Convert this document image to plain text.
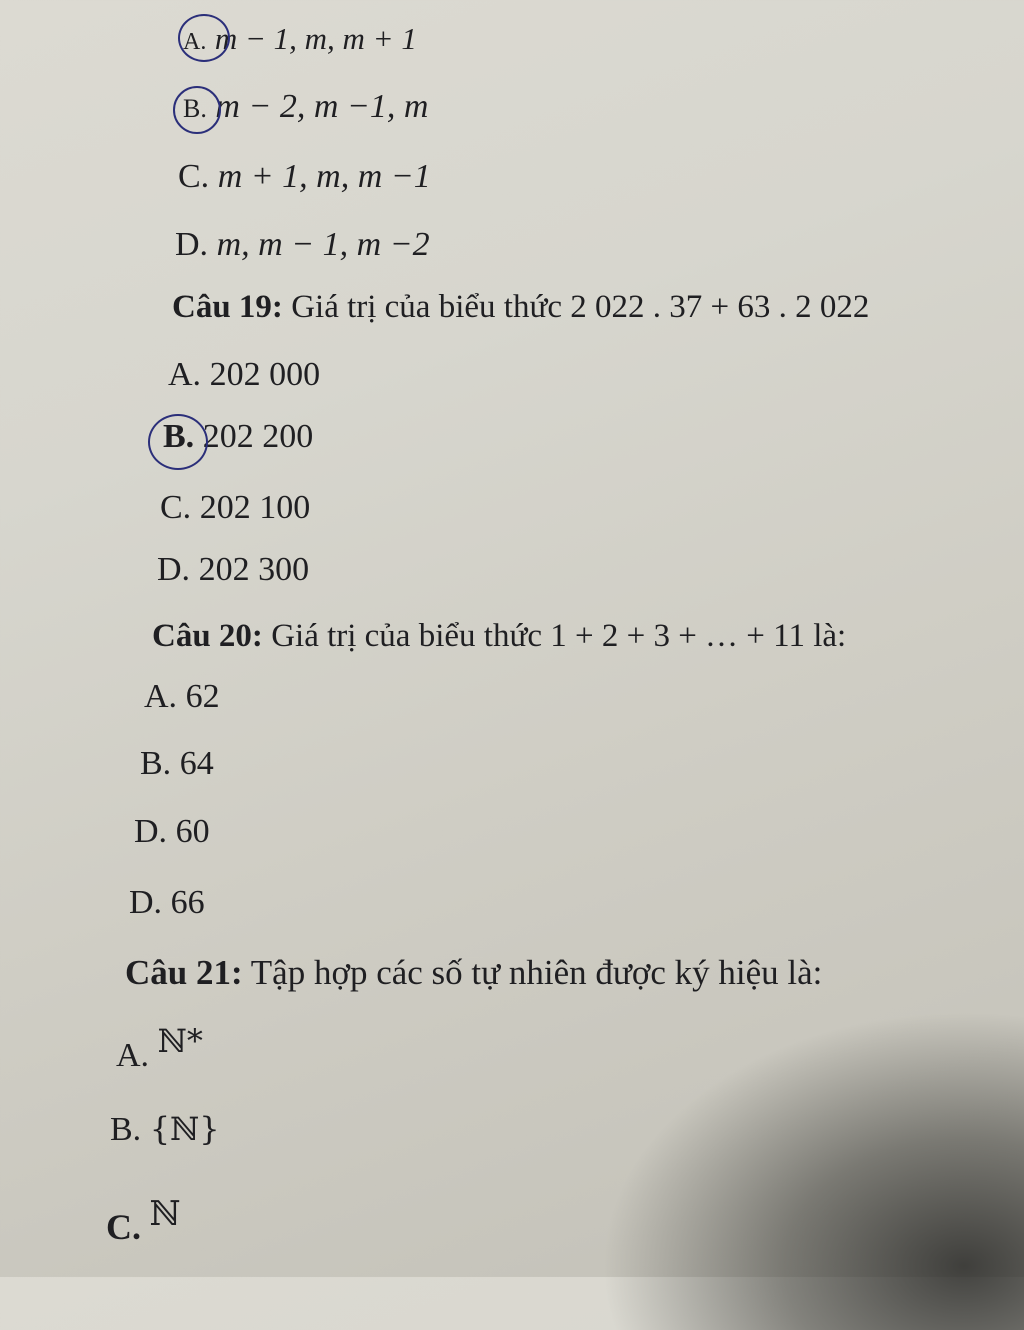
A. m − 1, m, m + 1
B. m − 2, m −1, m
C. m + 1, m, m −1
D. m, m − 1, m −2
Câu 19: Giá trị của biểu thức 2 022 . 37 + 63 . 2 022
A. 202 000
B. 202 200
C. 202 100
D. 202 300
Câu 20: Giá trị của biểu thức 1 + 2 + 3 + … + 11 là:
A. 62
B. 64
D. 60
D. 66
Câu 21: Tập hợp các số tự nhiên được ký hiệu là:
A. ℕ*
B. {ℕ}
C. ℕ
